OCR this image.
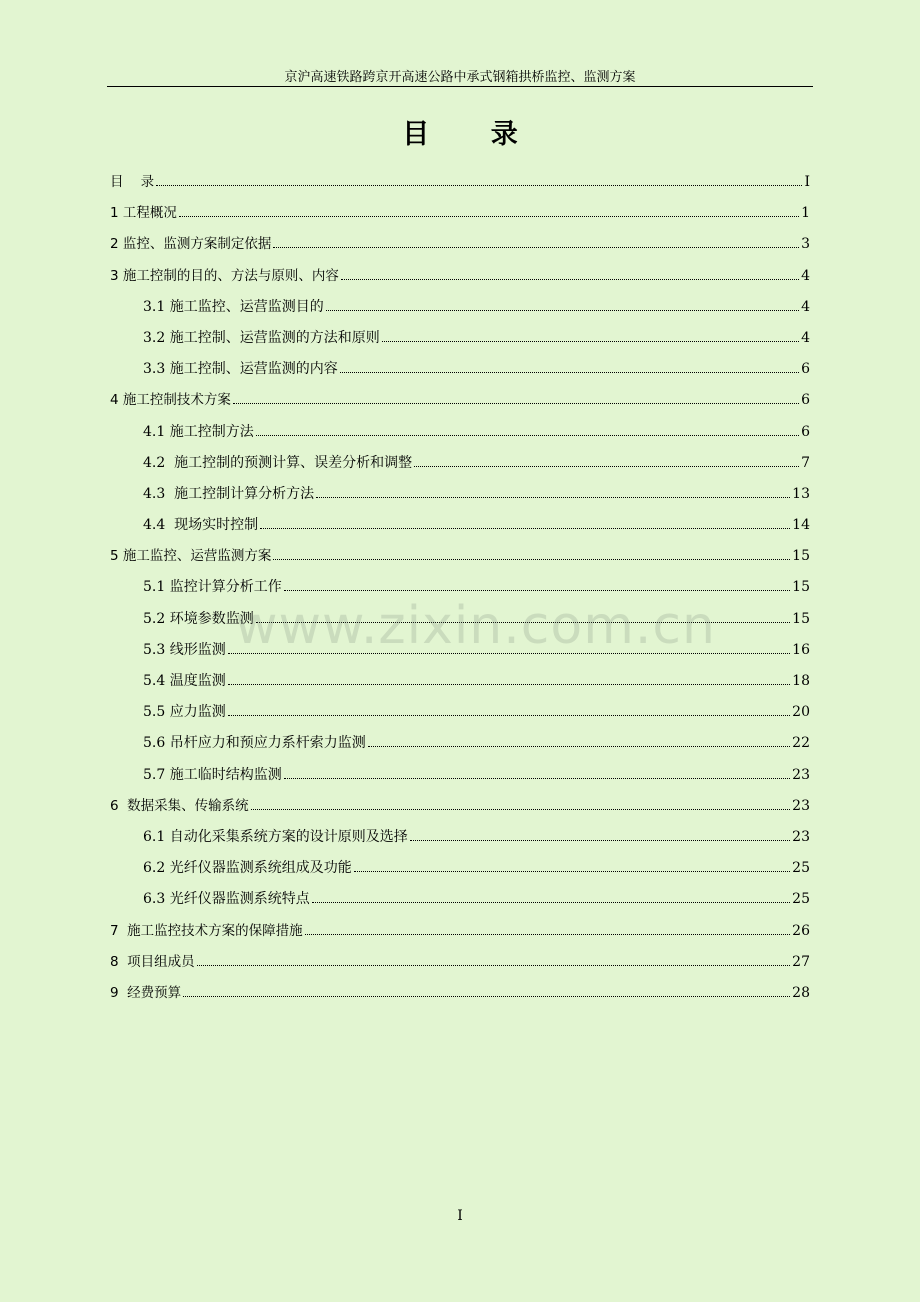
京沪高速铁路跨京开高速公路中承式钢箱拱桥监控、监测方案
目 录
目    录	I
1 工程概况	1
2 监控、监测方案制定依据	3
3 施工控制的目的、方法与原则、内容	4
3.1 施工监控、运营监测目的	4
3.2 施工控制、运营监测的方法和原则	4
3.3 施工控制、运营监测的内容	6
4 施工控制技术方案	6
4.1 施工控制方法	6
4.2  施工控制的预测计算、误差分析和调整	7
4.3  施工控制计算分析方法	13
4.4  现场实时控制	14
5 施工监控、运营监测方案	15
5.1 监控计算分析工作	15
5.2 环境参数监测	15
5.3 线形监测	16
5.4 温度监测	18
5.5 应力监测	20
5.6 吊杆应力和预应力系杆索力监测	22
5.7 施工临时结构监测	23
6  数据采集、传输系统	23
6.1 自动化采集系统方案的设计原则及选择	23
6.2 光纤仪器监测系统组成及功能	25
6.3 光纤仪器监测系统特点	25
7  施工监控技术方案的保障措施	26
8  项目组成员	27
9  经费预算	28
www.zixin.com.cn
I
